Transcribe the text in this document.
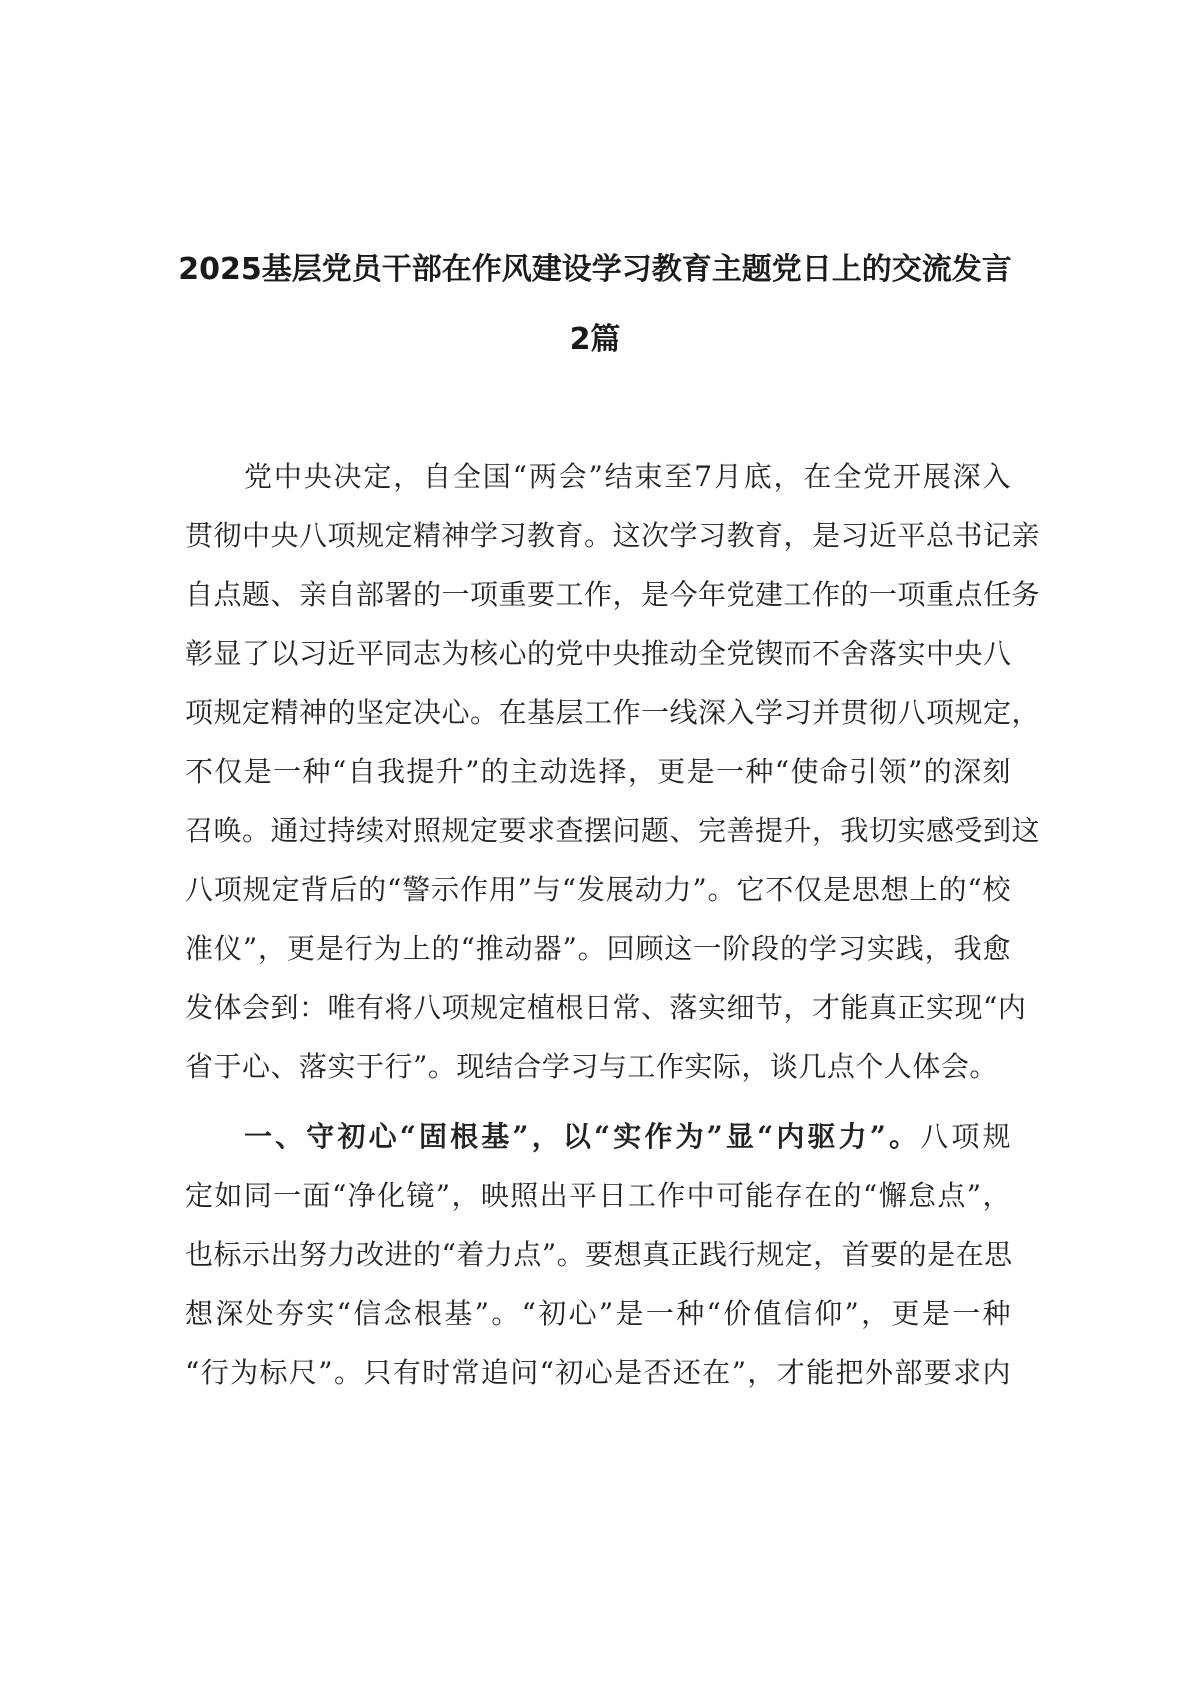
2025基层党员干部在作风建设学习教育主题党日上的交流发言
2篇
党中央决定，自全国“两会”结束至7月底，在全党开展深入
贯彻中央八项规定精神学习教育。这次学习教育，是习近平总书记亲
自点题、亲自部署的一项重要工作，是今年党建工作的一项重点任务
彰显了以习近平同志为核心的党中央推动全党锲而不舍落实中央八
项规定精神的坚定决心。在基层工作一线深入学习并贯彻八项规定，
不仅是一种“自我提升”的主动选择，更是一种“使命引领”的深刻
召唤。通过持续对照规定要求查摆问题、完善提升，我切实感受到这
八项规定背后的“警示作用”与“发展动力”。它不仅是思想上的“校
准仪”，更是行为上的“推动器”。回顾这一阶段的学习实践，我愈
发体会到：唯有将八项规定植根日常、落实细节，才能真正实现“内
省于心、落实于行”。现结合学习与工作实际，谈几点个人体会。
一、守初心“固根基”，以“实作为”显“内驱力”。八项规
定如同一面“净化镜”，映照出平日工作中可能存在的“懈怠点”，
也标示出努力改进的“着力点”。要想真正践行规定，首要的是在思
想深处夯实“信念根基”。“初心”是一种“价值信仰”，更是一种
“行为标尺”。只有时常追问“初心是否还在”，才能把外部要求内
